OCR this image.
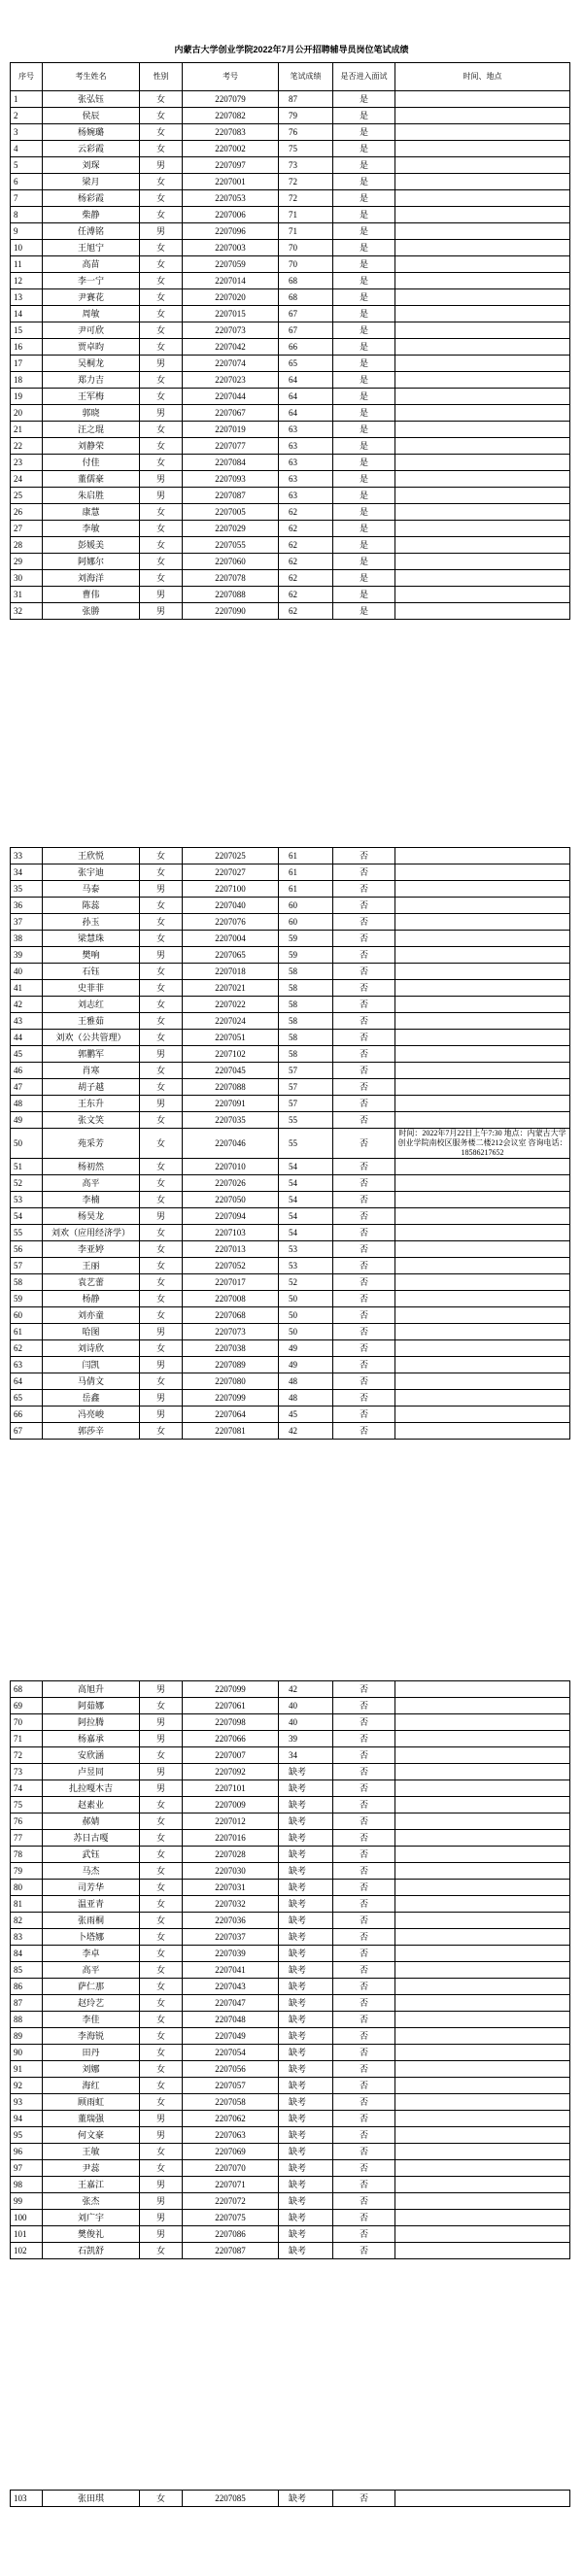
内蒙古大学创业学院2022年7月公开招聘辅导员岗位笔试成绩
序号	考生姓名	性别	考号	笔试成绩	是否进入面试	时间、地点
1	张弘钰	女	2207079	87	是	
2	侯辰	女	2207082	79	是	
3	杨婉璐	女	2207083	76	是	
4	云彩霞	女	2207002	75	是	
5	刘琛	男	2207097	73	是	
6	梁月	女	2207001	72	是	
7	杨彩霞	女	2207053	72	是	
8	柴静	女	2207006	71	是	
9	任溥铭	男	2207096	71	是	
10	王旭宁	女	2207003	70	是	
11	高苗	女	2207059	70	是	
12	李一宁	女	2207014	68	是	
13	尹賽花	女	2207020	68	是	
14	周敏	女	2207015	67	是	
15	尹可欣	女	2207073	67	是	
16	贾卓昀	女	2207042	66	是	
17	吴桐龙	男	2207074	65	是	
18	郑力吉	女	2207023	64	是	
19	王军梅	女	2207044	64	是	
20	郭晓	男	2207067	64	是	
21	汪之琨	女	2207019	63	是	
22	刘静荣	女	2207077	63	是	
23	付佳	女	2207084	63	是	
24	董儒豪	男	2207093	63	是	
25	朱启胜	男	2207087	63	是	
26	康慧	女	2207005	62	是	
27	李敏	女	2207029	62	是	
28	彭媛美	女	2207055	62	是	
29	阿娜尔	女	2207060	62	是	
30	刘海洋	女	2207078	62	是	
31	曹伟	男	2207088	62	是	
32	张勝	男	2207090	62	是	
33	王欣悦	女	2207025	61	否	
34	张宇迪	女	2207027	61	否	
35	马泰	男	2207100	61	否	
36	陈蕊	女	2207040	60	否	
37	孙玉	女	2207076	60	否	
38	梁慧珠	女	2207004	59	否	
39	樊响	男	2207065	59	否	
40	石钰	女	2207018	58	否	
41	史菲菲	女	2207021	58	否	
42	刘志红	女	2207022	58	否	
43	王雅茹	女	2207024	58	否	
44	刘欢（公共管理）	女	2207051	58	否	
45	郭鹏军	男	2207102	58	否	
46	肖寒	女	2207045	57	否	
47	胡子越	女	2207088	57	否	
48	王东升	男	2207091	57	否	
49	张文笑	女	2207035	55	否	
50	苑采芳	女	2207046	55	否	时间：2022年7月22日上午7:30 地点：内蒙古大学创业学院南校区服务楼二楼212会议室 咨询电话：18586217652

51	杨初然	女	2207010	54	否	
52	高平	女	2207026	54	否	
53	李楠	女	2207050	54	否	
54	杨昊龙	男	2207094	54	否	
55	刘欢（应用经济学）	女	2207103	54	否	
56	李亚婷	女	2207013	53	否	
57	王丽	女	2207052	53	否	
58	袁艺蕾	女	2207017	52	否	
59	杨静	女	2207008	50	否	
60	刘亦童	女	2207068	50	否	
61	哈图	男	2207073	50	否	
62	刘诗欣	女	2207038	49	否	
63	闫凯	男	2207089	49	否	
64	马倩文	女	2207080	48	否	
65	岳鑫	男	2207099	48	否	
66	冯亮峻	男	2207064	45	否	
67	郭莎辛	女	2207081	42	否	
68	高旭升	男	2207099	42	否	
69	阿茹娜	女	2207061	40	否	
70	阿拉腾	男	2207098	40	否	
71	杨嘉承	男	2207066	39	否	
72	安欣涵	女	2207007	34	否	
73	卢昱同	男	2207092	缺考	否	
74	扎拉嘎木吉	男	2207101	缺考	否	
75	赵素业	女	2207009	缺考	否	
76	郝婧	女	2207012	缺考	否	
77	苏日古嘎	女	2207016	缺考	否	
78	武钰	女	2207028	缺考	否	
79	马杰	女	2207030	缺考	否	
80	司芳华	女	2207031	缺考	否	
81	温亚青	女	2207032	缺考	否	
82	张雨桐	女	2207036	缺考	否	
83	卜塔娜	女	2207037	缺考	否	
84	李卓	女	2207039	缺考	否	
85	高平	女	2207041	缺考	否	
86	萨仁那	女	2207043	缺考	否	
87	赵玲艺	女	2207047	缺考	否	
88	李佳	女	2207048	缺考	否	
89	李海锐	女	2207049	缺考	否	
90	田丹	女	2207054	缺考	否	
91	刘娜	女	2207056	缺考	否	
92	海红	女	2207057	缺考	否	
93	顾雨虹	女	2207058	缺考	否	
94	董瑞强	男	2207062	缺考	否	
95	何文豪	男	2207063	缺考	否	
96	王敏	女	2207069	缺考	否	
97	尹蕊	女	2207070	缺考	否	
98	王嘉江	男	2207071	缺考	否	
99	张杰	男	2207072	缺考	否	
100	刘广宇	男	2207075	缺考	否	
101	樊俊礼	男	2207086	缺考	否	
102	石凯舒	女	2207087	缺考	否	
103	张田琪	女	2207085	缺考	否	
